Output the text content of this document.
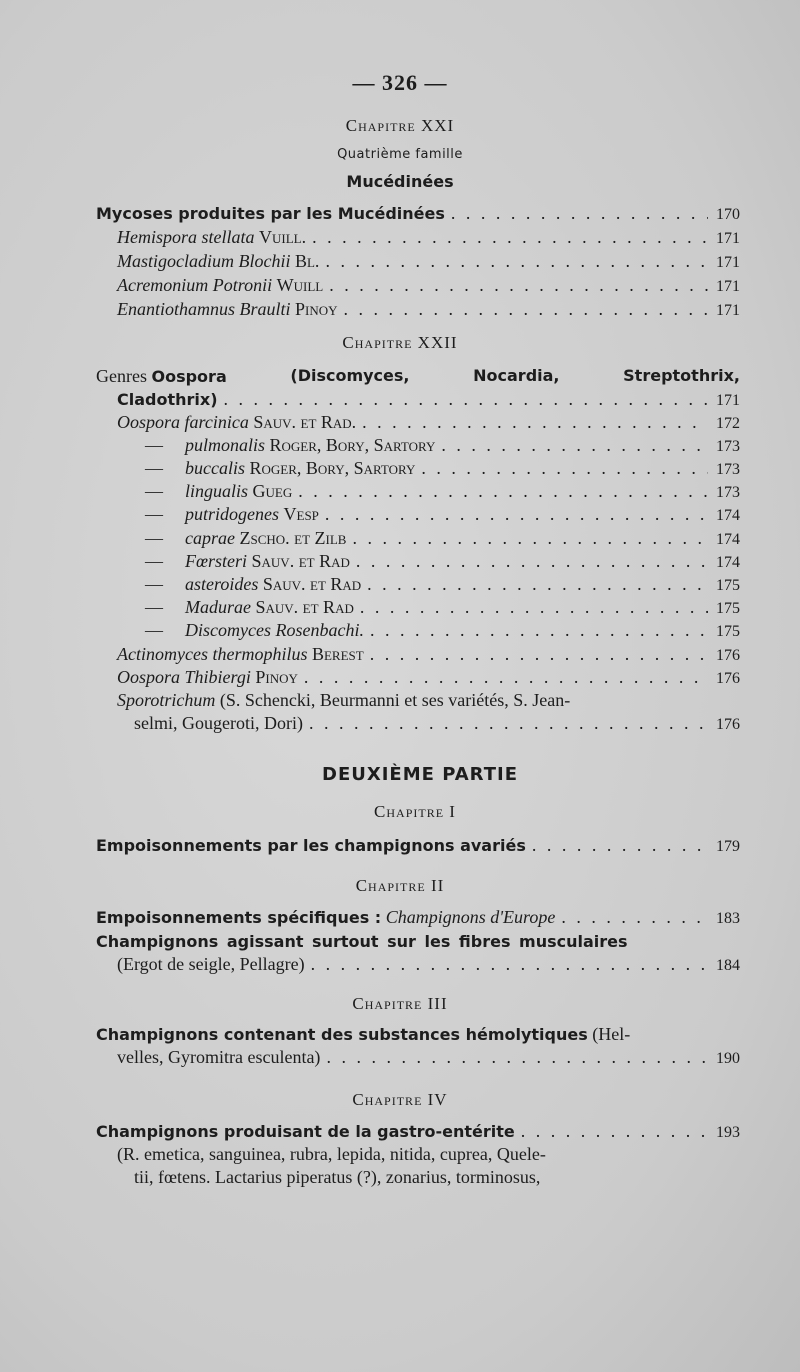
— 326 —
Chapitre XXI
Quatrième famille
Mucédinées
Mycoses produites par les Mucédinées . . .	170
Hemispora stellata Vuill. . . .	171
Mastigocladium Blochii Bl. . . .	171
Acremonium Potronii Wuill . . .	171
Enantiothamnus Braulti Pinoy . . .	171
Chapitre XXII
Genres Oospora	(Discomyces,	Nocardia,	Streptothrix,
Cladothrix) . . .	171
Oospora farcinica Sauv. et Rad. . . .	172
— pulmonalis Roger, Bory, Sartory . . .	173
— buccalis Roger, Bory, Sartory . . .	173
— lingualis Gueg . . .	173
— putridogenes Vesp . . .	174
— caprae Zscho. et Zilb . . .	174
— Fœrsteri Sauv. et Rad . . .	174
— asteroides Sauv. et Rad . . .	175
— Madurae Sauv. et Rad . . .	175
— Discomyces Rosenbachi. . . .	175
Actinomyces thermophilus Berest . . .	176
Oospora Thibiergi Pinoy . . .	176
Sporotrichum (S. Schencki, Beurmanni et ses variétés, S. Jean-
selmi, Gougeroti, Dori) . . .	176
DEUXIÈME PARTIE
Chapitre I
Empoisonnements par les champignons avariés . . .	179
Chapitre II
Empoisonnements spécifiques : Champignons d'Europe . . .	183
Champignons agissant surtout sur les fibres musculaires
(Ergot de seigle, Pellagre) . . .	184
Chapitre III
Champignons contenant des substances hémolytiques (Hel-
velles, Gyromitra esculenta) . . .	190
Chapitre IV
Champignons produisant de la gastro-entérite . . .	193
(R. emetica, sanguinea, rubra, lepida, nitida, cuprea, Quele-
tii, fœtens. Lactarius piperatus (?), zonarius, torminosus,
